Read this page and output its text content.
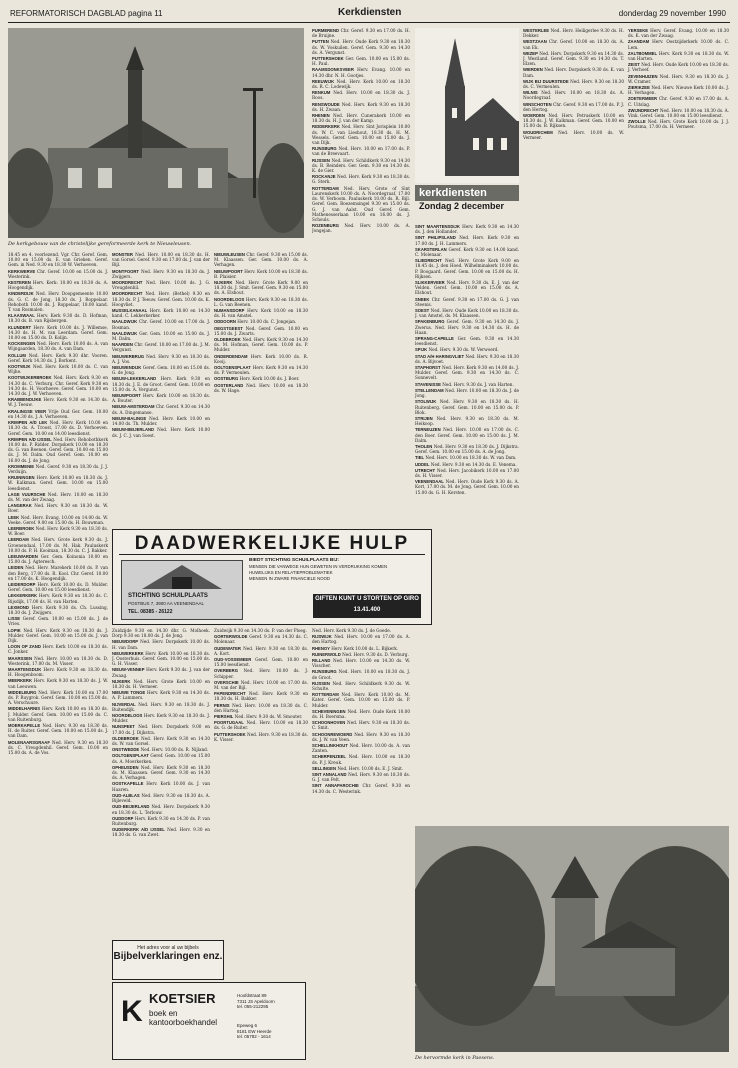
REFORMATORISCH DAGBLAD pagina 11	Kerkdiensten	donderdag 29 november 1990
De kerkgebouw van de christelijke gereformeerde kerk te Nieuwleusen.
kerkdiensten
Zondag 2 december

18.45 en 4. voorlezend. Vgr. Chr. Geref. Gem. 10.00 en 15.00 ds. E. van Grieken. Geref. Gem. in Ned. 9.30 en 18.30 W. Verhoeven.

KERKWERVE Chr. Geref. 10.00 en 15.00 ds. J. Westerink.

KESTEREN Herv. Kerk: 10.00 en 18.30 ds. A. Hoogendijk.

KINDERDIJK Ned. Herv. Doopgemeente 10.00 ds. G. C. de Jong, 18.30 ds. J. Roppelaar. Rehoboth 10.00 ds. J. Roppelaar, 18.00 kand. T. van Rosmalen.

KLAASWAAL Herv. Kerk 9.30 ds. D. Hofman, 18.30 ds. B. van Rijsbergen.

KLUNDERT Herv. Kerk 10.00 ds. J. Willemse, 14.30 ds. H. M. van Leerdam. Geref. Gem. 10.00 en 15.00 ds. D. Kolijn.

KOCKENGEN Ned. Herv. Kerk 10.00 ds. A. van Wijngaarden, 18.30 ds. A. van Dam.

KOLLUM Ned. Herv. Kerk 9.30 dhr. Vooren. Geref. Kerk 14.30 ds. J. Borkent.

KOOTWIJK Ned. Herv. Kerk 10.00 ds. C. van Wijhe.

KOOTWIJKERBROEK Ned. Herv. Kerk 9.30 en 14.30 ds. C. Verburg. Chr. Geref. Kerk 9.30 en 14.30 ds. H. Voorhoeve. Geref. Gem. 10.00 en 14.30 ds. J. W. Verhoeven.

KRABBENDIJKE Herv. Kerk 9.30 en 14.30 ds. W. J. Teeuw.

KRALINGSE VEER Vrije Oud Ger. Gem. 10.00 en 14.30 ds. J. A. Verhoeven.

KRIMPEN A/D LEK Ned. Herv. Kerk 10.00 en 18.30 ds. A. Troost, 17.00 ds. D. Verhoeven. Geref. Gem. 10.00 en 14.00 leesdienst.

KRIMPEN A/D IJSSEL Ned. Herv. Rehobothkerk 10.00 ds. P. Ridder. Dorpskerk 10.00 en 18.30 ds. G. van Reenen. Geref. Gem. 10.00 en 15.00 ds. J. M. Dalm. Oud Geref. Gem. 10.00 en 16.00 ds. J. de Jong.

KROMMENIE Ned. Geref. 9.30 en 18.30 ds. J. J. Verduijn.

KRUININGEN Herv. Kerk 10.00 en 18.30 ds. J. W. Kalkman. Geref. Gem. 10.00 en 15.00 leesdienst.

LAGE VUURSCHE Ned. Herv. 10.00 en 18.30 ds. M. van der Zwaag.

LANGERAK Ned. Herv. 9.30 en 18.30 ds. W. Boer.

LEEK Ned. Herv. Evang. 10.00 en 14.00 ds. W. Veeke. Geref. 9.00 en 15.00 ds. H. Bouwman.

LEERBROEK Ned. Herv. Kerk 9.30 en 18.30 ds. W. Boer.

LEERDAM Ned. Herv. Grote kerk 9.30 ds. J. Groenendaal, 17.00 ds. M. Hak. Pauluskerk 10.00 ds. P. H. Kooiman, 18.30 ds. C. J. Bakker.

LEEUWARDEN Ger. Gem. Koinonia 10.00 en 15.00 ds. J. Agteresch.

LEIDEN Ned. Herv. Marekerk 10.00 ds. P. van den Berg, 17.00 ds. R. Kool. Chr. Geref. 10.00 en 17.00 ds. K. Hoogendijk.

LEIDERDORP Herv. Kerk 10.00 ds. D. Mulder. Geref. Gem. 10.00 en 15.00 leesdienst.

LEKKERKERK Herv. Kerk 9.30 en 18.30 ds. C. Rijsdijk, 17.00 ds. H. van Harten.

LEXMOND Herv. Kerk 9.30 ds. Ch. Lussing, 18.30 ds. J. Zwijgers.

LISSE Geref. Gem. 10.00 en 15.00 ds. J. de Vries.

LOPIK Ned. Herv. Kerk 9.30 en 18.30 ds. J. Mulder. Geref. Gem. 10.00 en 15.00 ds. J. van Dijk.

LOON OP ZAND Herv. Kerk 10.00 en 18.30 ds. C. Jonker.

MAARSSEN Ned. Herv. 10.00 en 18.30 ds. D. Westerink, 17.00 ds. M. Visser.

MAARTENSDIJK Herv. Kerk 9.30 en 18.30 ds. H. Hoogenboom.

MEERKERK Herv. Kerk 9.30 en 18.30 ds. J. W. van Leeuwen.

MIDDELBURG Ned. Herv. Kerk 10.00 en 17.00 ds. P. Ruygrok. Geref. Gem. 10.00 en 15.00 ds. A. Verschuure.

MIDDELHARNIS Herv. Kerk 10.00 en 18.30 ds. J. Mulder. Geref. Gem. 10.00 en 15.00 ds. C. van Ruitenburg.

MOERKAPELLE Ned. Herv. 9.30 en 18.30 ds. H. de Ruiter. Geref. Gem. 10.00 en 15.00 ds. J. van Dam.

MOLENAARSGRAAF Ned. Herv. 9.30 en 18.30 ds. C. Vreugdenhil. Geref. Gem. 10.00 en 15.00 ds. A. de Vos.

MONSTER Ned. Herv. 10.00 en 18.30 ds. H. van Gorsel. Geref. 9.30 en 17.00 ds. J. van der Bijl.

MONTFOORT Ned. Herv. 9.30 en 18.30 ds. J. Zwijgers.

MOORDRECHT Ned. Herv. 10.00 ds. J. G. Vreugdenhil.

MOORDRECHT Ned. Herv. (Bethel) 9.30 en 18.30 ds. P. J. Teeuw. Geref. Gem. 10.00 ds. K. Hoogvliet.

MUSSELKANAAL Herv. Kerk 10.00 en 14.30 kand. C. Lekkerkerker.

NAALDWIJK Chr. Geref. 10.00 en 17.00 ds. J. Bosman.

NAALDWIJK Ger. Gem. 10.00 en 15.00 ds. J. M. Dalm.

NAARDEN Chr. Geref. 10.00 en 17.00 ds. J. M. Vergunst.

NIEUWERBRUG Ned. Herv. 9.30 en 18.30 ds. A. J. Vos.

NIEUWENDIJK Geref. Gem. 10.00 en 15.00 ds. G. de Jong.

NIEUW-LEKKERLAND Herv. Kerk 9.30 en 18.30 ds. J. E. de Groot. Geref. Gem. 10.00 en 15.00 ds. A. Vergunst.

NIEUWPOORT Herv. Kerk 10.00 en 18.30 ds. A. Bouter.

NIEUW-AMSTERDAM Chr. Geref. 9.30 en 14.30 ds. A. Dingemanse.

NIEUW-BALINGE Ned. Herv. Kerk 10.00 en 14.00 ds. Th. Mulder.

NIEUW-BEIJERLAND Ned. Herv. Kerk 10.00 ds. J. C. J. van Soest.

NIEUWLEUSEN Chr. Geref. 9.30 en 15.00 ds. M. Klaassen. Ger. Gem. 10.00 ds. A. Verhagen.

NIEUWPOORT Herv. Kerk 10.00 en 18.30 ds. B. Plaisier.

NIJKERK Ned. Herv. Grote Kerk 9.00 en 18.30 ds. J. Smit. Geref. Gem. 9.30 en 15.00 ds. A. Elshout.

NOORDELOOS Herv. Kerk 9.30 en 18.30 ds. L. G. van Reenen.

NUMANSDORP Herv. Kerk 10.00 en 18.30 ds. H. van Amstel.

ODDOORN Herv. 10.00 ds. C. Jongejan.

OEGSTGEEST Ned. Geref. Gem. 10.00 en 15.00 ds. J. Zwarts.

OLDEBROEK Ned. Herv. Kerk 9.30 en 14.30 ds. M. Hofman, Geref. Gem. 10.00 ds. P. Mulder.

ONDERDENDAM Herv. Kerk 10.00 ds. R. Kooij.

OOLTGENSPLAAT Herv. Kerk 9.30 en 14.30 ds. P. Vermeulen.

OOSTBURG Herv. Kerk 10.00 ds. J. Boer.

OOSTERLAND Ned. Herv. 10.00 en 18.30 ds. W. Hage.

PURMEREND Chr. Geref. 9.30 en 17.00 ds. H. de Bruijne.

PUTTEN Ned. Herv. Oude Kerk 9.30 en 18.30 ds. W. Voskuilen. Geref. Gem. 9.30 en 14.30 ds. A. Vergunst.

PUTTERSHOEK Ger. Gem. 10.00 en 15.00 ds. H. Paul.

RAAMSDONKSVEER Herv. Evang. 10.00 en 14.30 dhr. N. H. Gootjes.

REEUWIJK Ned. Herv. Kerk 10.00 en 18.30 ds. R. C. Lodewijk.

RENKUM Ned. Herv. 10.00 en 18.30 ds. J. Roos.

RENSWOUDE Ned. Herv. Kerk 9.30 en 18.30 ds. H. Zwaan.

RHENEN Ned. Herv. Cunerakerk 10.00 en 18.30 ds. H. J. van der Kamp.

RIDDERKERK Ned. Herv. Sint Jorisplein 10.00 ds. W. C. van Lieshout, 18.30 ds. H. M. Wessels. Geref. Gem. 10.00 en 15.00 ds. J. van Dijk.

RIJNSBURG Ned. Herv. 10.00 en 17.00 ds. P. van de Breevaart.

RIJSSEN Ned. Herv. Schildkerk 9.30 en 14.30 ds. B. Reinders. Ger. Gem. 9.30 en 14.30 ds. K. de Gier.

ROCKANJE Ned. Herv. Kerk 9.30 en 18.30 ds. G. Sterk.

ROTTERDAM Ned. Herv. Grote of Sint Laurenskerk 10.00 ds. A. Noordegraaf, 17.00 ds. W. Verboom. Pauluskerk 10.00 ds. R. Bijl. Geref. Gem. Boezemsingel 9.30 en 15.00 ds. G. J. van Aalst. Oud Geref. Gem. Mathenesserlaan 10.00 en 16.00 ds. J. Schouls.

ROZENBURG Ned. Herv. 10.00 ds. A. Jongejan.

SINT MAARTENSDIJK Herv. Kerk 9.30 en 14.30 ds. J. den Hollander.

SINT PHILIPSLAND Ned. Herv. Kerk 9.30 en 17.00 ds. J. H. Lammers.

SKARSTERLAN Geref. Kerk 9.30 en 14.00 kand. C. Molenaar.

SLIEDRECHT Ned. Herv. Grote Kerk 9.00 en 18.45 ds. J. den Hoed. Wilhelminakerk 10.00 ds. P. Boogaard. Geref. Gem. 10.00 en 15.00 ds. H. Rijksen.

SLIKKERVEER Ned. Herv. 9.30 ds. E. J. van der Velden. Geref. Gem. 10.00 en 15.00 ds. A. Elshout.

SNEEK Chr. Geref. 9.30 en 17.00 ds. G. J. van Steenis.

SOEST Ned. Herv. Oude Kerk 10.00 en 18.30 ds. J. van Amstel, ds. M. Klaassen.

SPAKENBURG Geref. Gem. 9.30 en 14.30 ds. J. Zwerus. Ned. Herv. 9.30 en 14.30 ds. H. de Haan.

SPRANG-CAPELLE Ger. Gem. 9.30 en 14.30 leesdienst.

SPIJK Ned. Herv. 9.30 ds. W. Verwoerd.

STAD A/H HARINGVLIET Ned. Herv. 9.30 en 18.30 ds. A. Bijvoet.

STAPHORST Ned. Herv. Kerk 9.30 en 14.00 ds. J. Mulder. Geref. Gem. 9.30 en 14.30 ds. C. Sonnevelt.

STAVENISSE Ned. Herv. 9.30 ds. J. van Harten.

STELLENDAM Ned. Herv. 10.00 en 18.30 ds. J. de Jong.

STOLWIJK Ned. Herv. 9.30 en 18.30 ds. H. Ruitenberg. Geref. Gem. 10.00 en 15.00 ds. P. Blok.

STRIJEN Ned. Herv. 9.30 en 18.30 ds. M. Heikoop.

TERNEUZEN Ned. Herv. 10.00 en 17.00 ds. C. den Boer. Geref. Gem. 10.00 en 15.00 ds. J. M. Dalm.

THOLEN Ned. Herv. 9.30 en 18.30 ds. J. Dijkstra. Geref. Gem. 10.00 en 15.00 ds. A. de Jong.

TIEL Ned. Herv. 10.00 en 18.30 ds. W. van Dam.

UDDEL Ned. Herv. 9.30 en 14.30 ds. E. Venema.

UTRECHT Ned. Herv. Jacobikerk 10.00 en 17.00 ds. H. Visser.

VEENENDAAL Ned. Herv. Oude Kerk 9.30 ds. A. Kort, 17.00 ds. M. de Jong. Geref. Gem. 10.00 en 15.00 ds. G. H. Kersten.

WESTERLEE Ned. Herv. Heiligerlee 9.30 ds. H. Dekker.

WESTZAAN Chr. Geref. 10.00 en 18.30 ds. A. van Ek.

WEZEP Ned. Herv. Dorpskerk 9.30 en 14.30 ds. J. Westland. Geref. Gem. 9.30 en 14.30 ds. T. Elzen.

WIERDEN Ned. Herv. Dorpskerk 9.30 ds. K. van Dam.

WIJK BIJ DUURSTEDE Ned. Herv. 9.30 en 18.30 ds. C. Vermeulen.

WILNIS Ned. Herv. 10.00 en 18.30 ds. A. Noordegraaf.

WINSCHOTEN Chr. Geref. 9.30 en 17.00 ds. P. J. den Hertog.

WOERDEN Ned. Herv. Petruskerk 10.00 en 18.30 ds. J. W. Kalkman. Geref. Gem. 10.00 en 15.00 ds. B. Rijksen.

WOUDRICHEM Ned. Herv. 10.00 ds. W. Vermeer.

YERSEKE Herv. Geref. Evang. 10.00 en 18.30 ds. K. van der Zwaag.

ZAANDAM Herv. Oostzijderkerk 10.00 ds. C. Lem.

ZALTBOMMEL Herv. Kerk 9.30 en 18.30 ds. W. van Harten.

ZEIST Ned. Herv. Oude Kerk 10.00 en 18.30 ds. J. Verhoef.

ZEVENHUIZEN Ned. Herv. 9.30 en 18.30 ds. J. W. Cramer.

ZIERIKZEE Ned. Herv. Nieuwe Kerk 10.00 ds. J. H. Verhagen.

ZOETERMEER Chr. Geref. 9.30 en 17.00 ds. A. C. Uitslag.

ZWIJNDRECHT Ned. Herv. 10.00 en 18.30 ds. A. Vink. Geref. Gem. 10.00 en 15.00 leesdienst.

ZWOLLE Ned. Herv. Grote Kerk 10.00 ds. J. J. Poutsma, 17.00 ds. H. Vermeer.

Zuidzijde 9.30 en 14.30 dhr. G. Molhoek. Dorp 9.30 en 18.00 ds. J. de Jong.

NIEUWDORP Ned. Herv. Dorpskerk 10.00 ds. H. van Dam.

NIEUWERKERK Herv. Kerk 10.00 en 18.30 ds. J. Oosterhuis. Geref. Gem. 10.00 en 15.00 ds. G. H. Visser.

NIEUW-VENNEP Herv. Kerk 9.30 ds. J. van der Zwaag.

NIJKERK Ned. Herv. Grote Kerk 10.00 en 18.30 ds. H. Vermeer.

NIEUWE TONGE Herv. Kerk 9.30 en 14.30 ds. A. P. Lammers.

NIJVERDAL Ned. Herv. 9.30 en 18.30 ds. J. Buitendijk.

NOORDELOOS Herv. Kerk 9.30 en 18.30 ds. J. Mulder.

NUNSPEET Ned. Herv. Dorpskerk 9.00 en 17.00 ds. J. Dijkstra.

OLDEBROEK Ned. Herv. Kerk 9.30 en 14.30 ds. W. van Gorsel.

ONSTWEDDE Ned. Herv. 10.00 ds. R. Nijland.

OOLTGENSPLAAT Geref. Gem. 10.00 en 15.00 ds. A. Moerkerken.

OPHEUSDEN Ned. Herv. Kerk 9.30 en 18.30 ds. M. Klaassen. Geref. Gem. 9.30 en 14.30 ds. A. Verhagen.

OOSTKAPELLE Herv. Kerk 10.00 ds. J. van Haaren.

OUD-ALBLAS Ned. Herv. 9.30 en 18.30 ds. A. Bijleveld.

OUD-BEIJERLAND Ned. Herv. Dorpskerk 9.30 en 18.30 ds. L. Terlouw.

OUDDORP Herv. Kerk 9.30 en 14.30 ds. P. van Ruitenburg.

OUDERKERK A/D IJSSEL Ned. Herv. 9.30 en 18.30 ds. G. van Zwet.

Zuidwijk 9.30 en 14.30 ds. P. van der Ploeg.

GORTERWOLDE Geref. 9.30 en 14.30 ds. C. Molenaar.

OUDEWATER Ned. Herv. 9.30 en 18.30 ds. A. Kort.

OUD-VOSSEMEER Geref. Gem. 10.00 en 15.00 leesdienst.

OVERBERG Ned. Herv. 10.00 ds. J. Schipper.

OVERSCHIE Ned. Herv. 10.00 en 17.00 ds. M. van der Bijl.

PAPENDRECHT Ned. Herv. Kerk 9.30 en 18.30 ds. H. Bakker.

PERNIS Ned. Herv. 10.00 en 18.30 ds. C. den Hartog.

PIERSHIL Ned. Herv. 9.30 ds. W. Smouter.

POORTUGAAL Ned. Herv. 10.00 en 18.30 ds. G. de Ruiter.

PUTTERSHOEK Ned. Herv. 9.30 en 18.30 ds. K. Visser.

Ned. Herv. Kerk 9.30 ds. J. de Goede.

RIJSWIJK Ned. Herv. 10.00 en 17.00 ds. A. den Hartog.

RHENOY Herv. Kerk 10.00 ds. L. Bijkerk.

RUINERWOLD Ned. Herv. 9.30 ds. D. Verburg.

RILLAND Ned. Herv. 10.00 en 14.30 ds. W. Visscher.

RIJNSBURG Ned. Herv. 10.00 en 18.30 ds. J. de Groot.

RIJSSEN Ned. Herv. Schildkerk 9.30 ds. W. Schulte.

ROTTERDAM Ned. Herv. Kerk 10.00 ds. M. Kater. Geref. Gem. 10.00 en 15.00 ds. P. Mulder.

SCHEVENINGEN Ned. Herv. Oude Kerk 10.00 ds. H. Boersma.

SCHOONHOVEN Ned. Herv. 9.30 en 18.30 ds. C. Smit.

SCHOONREWOERD Ned. Herv. 9.30 en 18.30 ds. J. W. van Veen.

SCHELLINKHOUT Ned. Herv. 10.00 ds. A. van Zanten.

SCHERPENZEEL Ned. Herv. 10.00 en 18.30 ds. P. J. Kreuk.

SELLINGEN Ned. Herv. 10.00 ds. E. J. Smit.

SINT ANNALAND Ned. Herv. 9.30 en 18.30 ds. G. J. van Pelt.

SINT ANNAPAROCHIE Chr. Geref. 9.30 en 14.30 ds. C. Westerink.

DAADWERKELIJKE HULP
STICHTING SCHUILPLAATS
POSTBUS 7, 3900 AA VEENENDAAL
TEL. 08385 - 26122
BIEDT STICHTING SCHUILPLAATS BIJ:
MENSEN DIE VANWEGE HUN GEWETEN IN VERDRUKKING KOMEN
HUWELIJKS EN RELATIEPROBLEMATIEK
MENSEN IN ZWARE FINANCIELE NOOD
GIFTEN KUNT U STORTEN OP GIRO 13.41.400
De hervormde kerk in Paesens.
Het adres voor al uw bijbels
Bijbelverklaringen enz.
K KOETSIER
boek en
kantoorboekhandel
Hoofdstraat 89
7311 JS Apeldoorn
tel. 055-212295
Epeweg 6
8181 EW Heerde
tel. 05782 - 1614
